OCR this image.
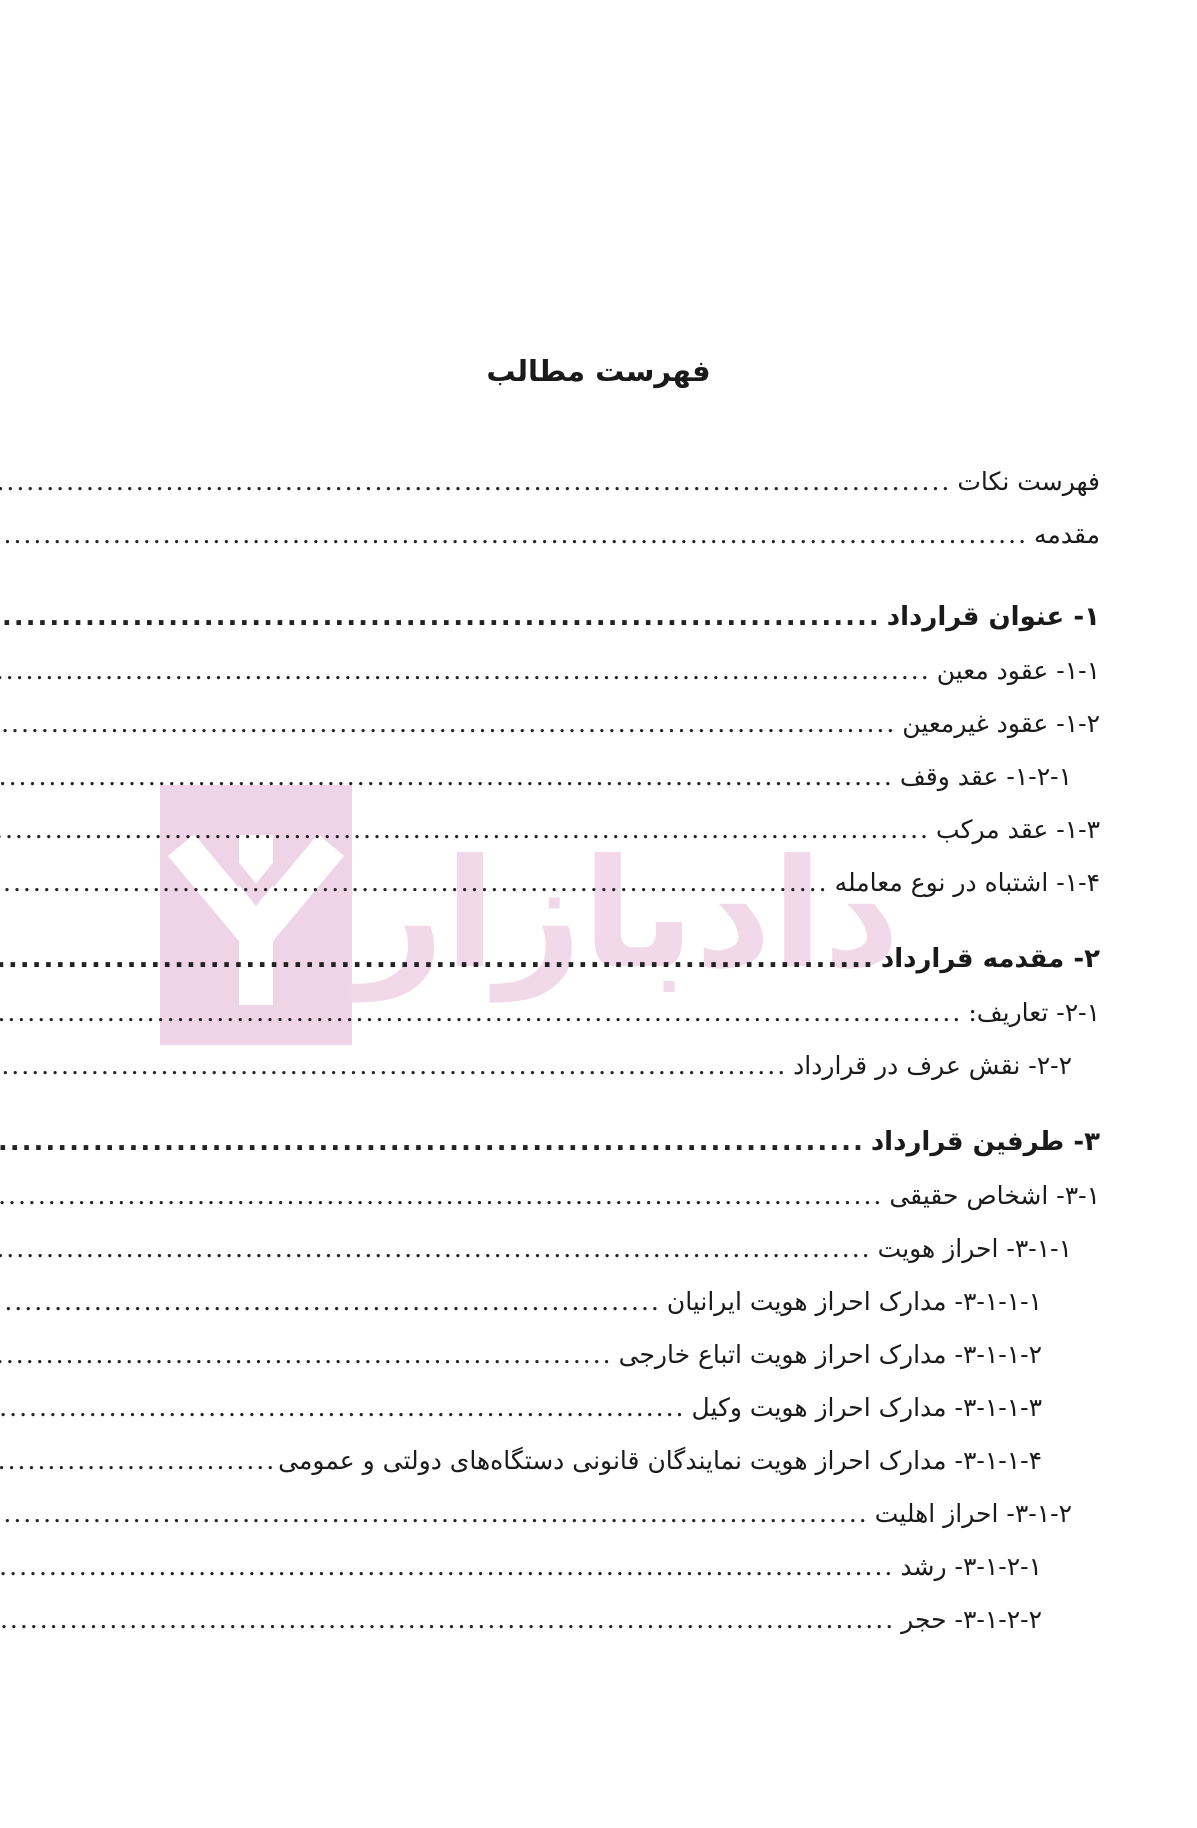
دادبازار
فهرست مطالب
فهرست نکات
.....
مقدمه
.....
۱- عنوان قرارداد
.....
۱-۱- عقود معین
.....
۱-۲- عقود غیرمعین
.....
۱-۲-۱- عقد وقف
.....
۱-۳- عقد مرکب
.....
۱-۴- اشتباه در نوع معامله
.....
۲- مقدمه قرارداد
.....
۲-۱- تعاریف:
.....
۲-۲- نقش عرف در قرارداد
.....
۳- طرفین قرارداد
.....
۳-۱- اشخاص حقیقی
.....
۳-۱-۱- احراز هویت
.....
۳-۱-۱-۱- مدارک احراز هویت ایرانیان
.....
۳-۱-۱-۲- مدارک احراز هویت اتباع خارجی
.....
۳-۱-۱-۳- مدارک احراز هویت وکیل
.....
۳-۱-۱-۴- مدارک احراز هویت نمایندگان قانونی دستگاه‌های دولتی و عمومی
.....
۳-۱-۲- احراز اهلیت
.....
۳-۱-۲-۱- رشد
.....
۳-۱-۲-۲- حجر
.....
